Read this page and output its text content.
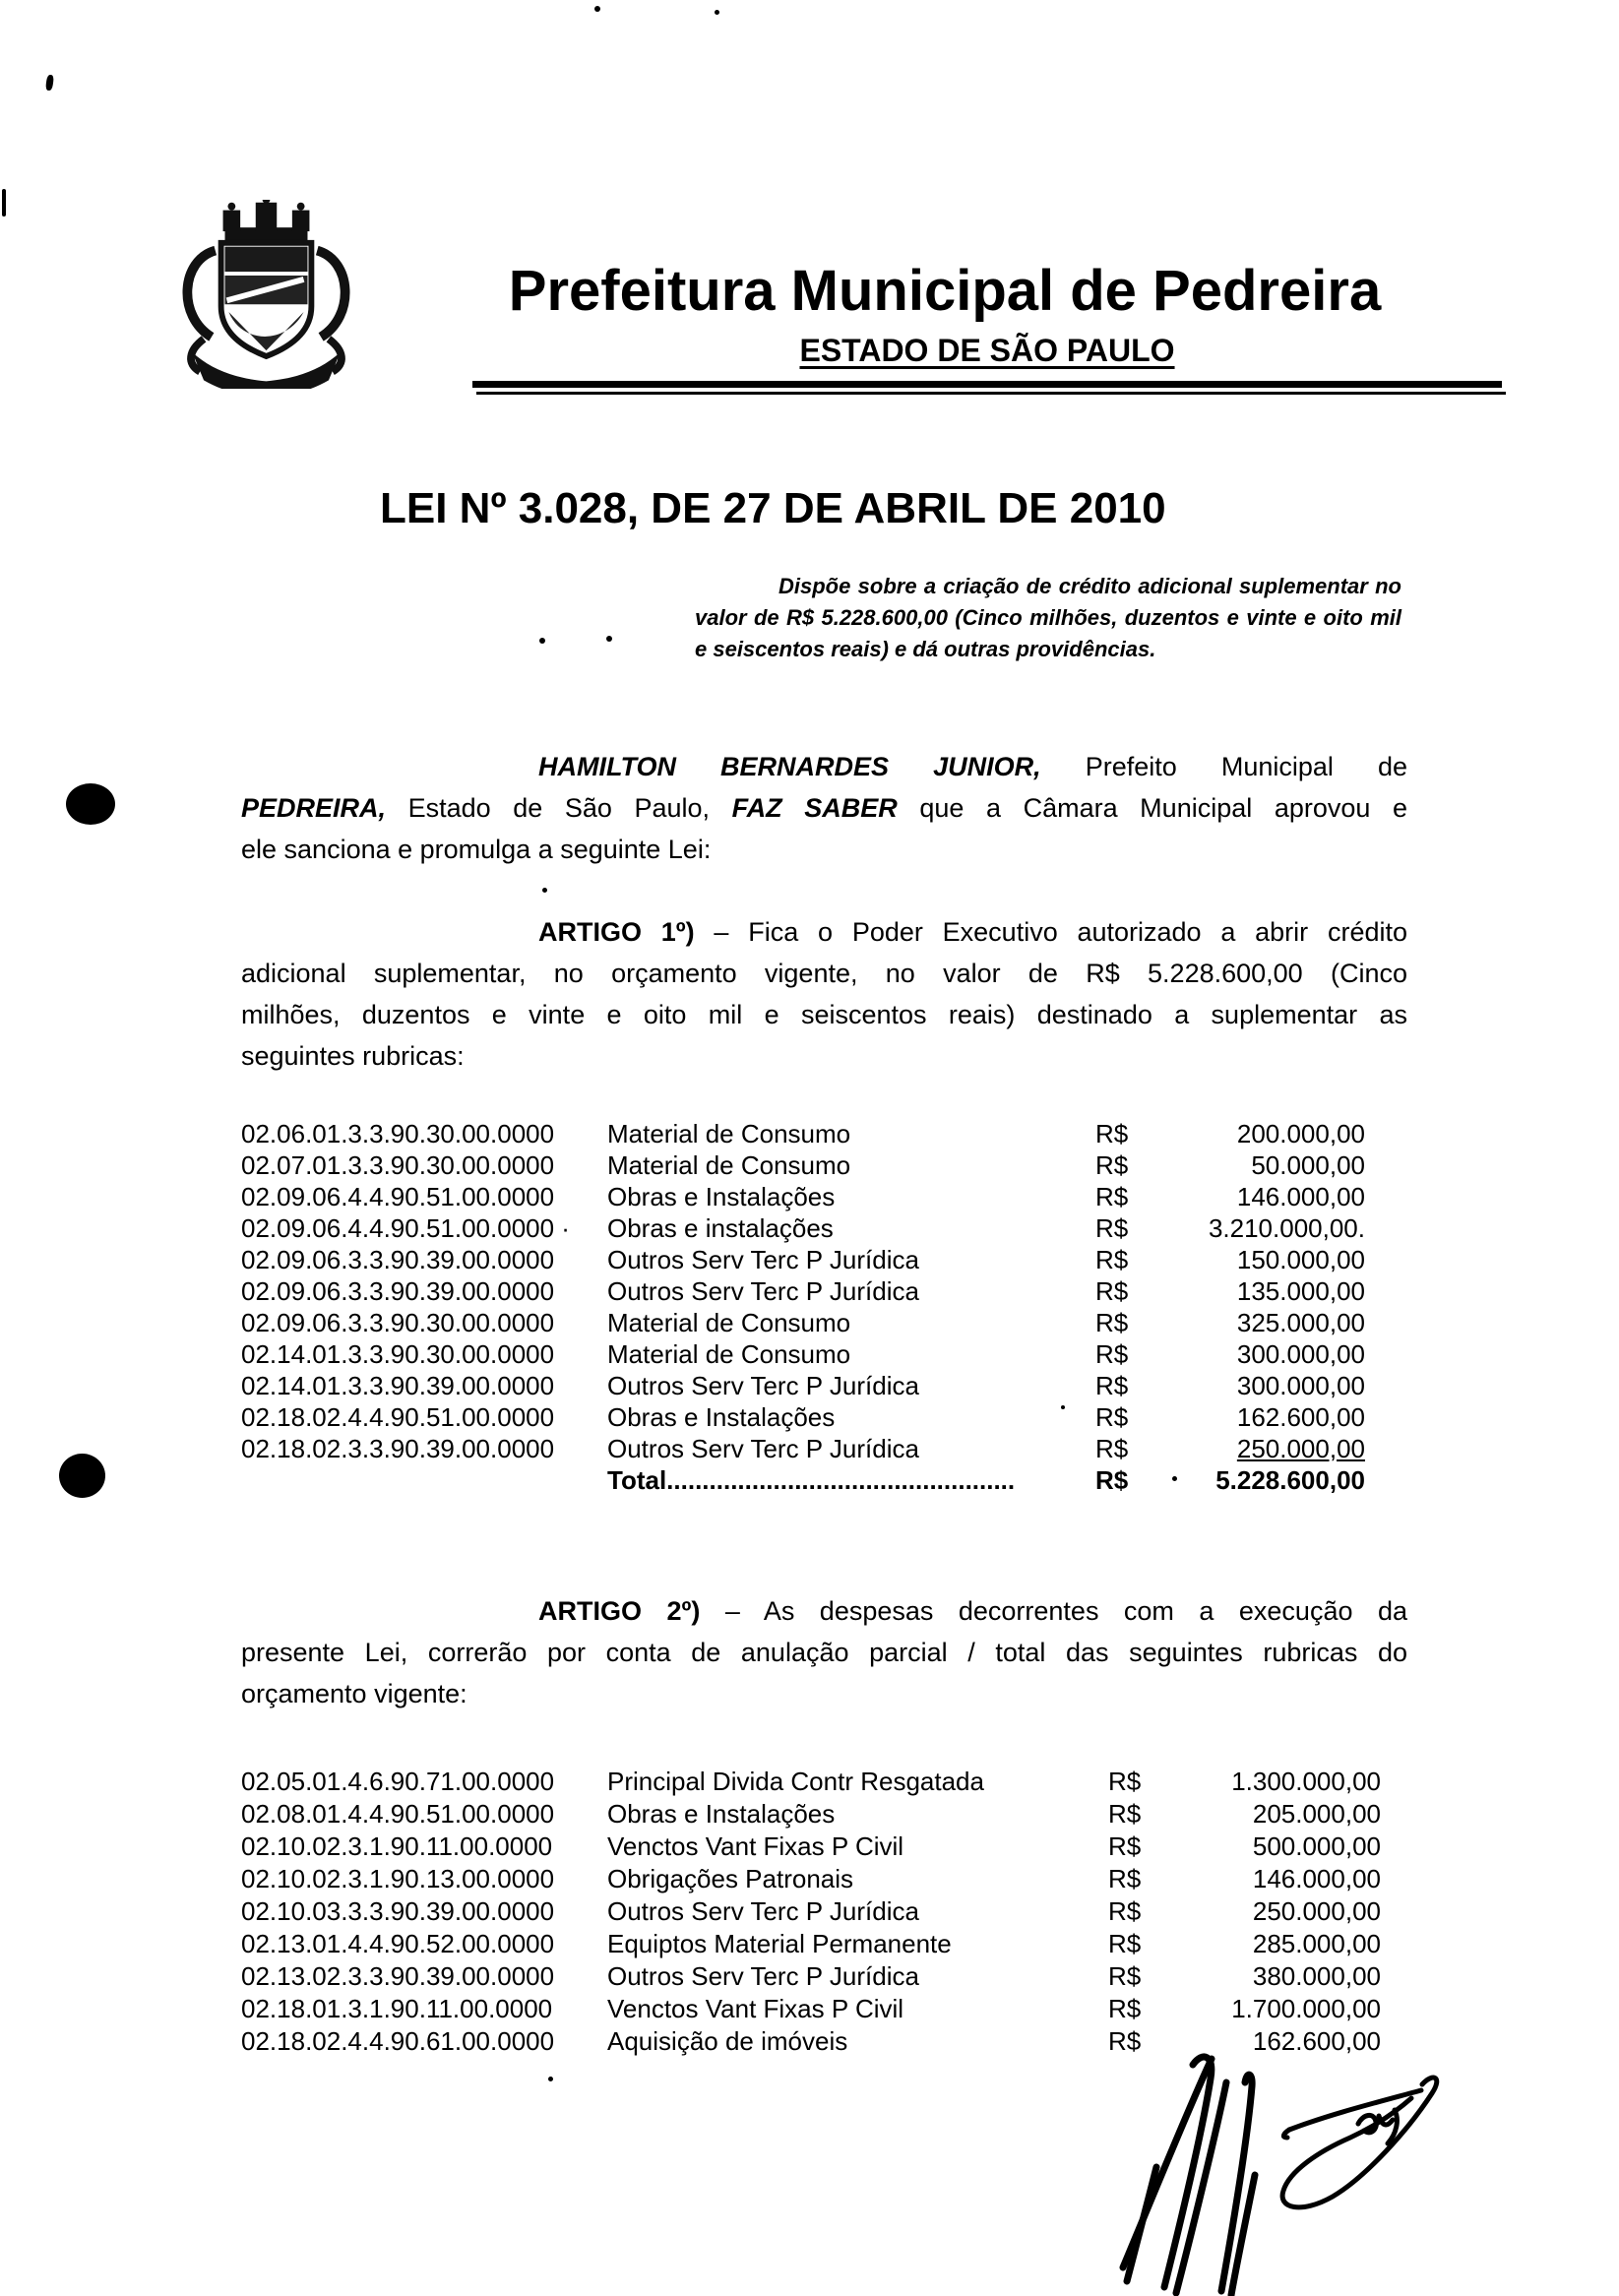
Prefeitura Municipal de Pedreira
ESTADO DE SÃO PAULO
LEI Nº 3.028, DE 27 DE ABRIL DE 2010
Dispõe sobre a criação de crédito adicional suplementar no
valor de R$ 5.228.600,00 (Cinco milhões, duzentos e vinte e oito mil
e seiscentos reais) e dá outras providências.
HAMILTON BERNARDES JUNIOR, Prefeito Municipal de
PEDREIRA, Estado de São Paulo, FAZ SABER que a Câmara Municipal aprovou e
ele sanciona e promulga a seguinte Lei:
ARTIGO 1º) – Fica o Poder Executivo autorizado a abrir crédito
adicional suplementar, no orçamento vigente, no valor de R$ 5.228.600,00 (Cinco
milhões, duzentos e vinte e oito mil e seiscentos reais) destinado a suplementar as
seguintes rubricas:
02.06.01.3.3.90.30.00.0000	Material de Consumo	R$	200.000,00
02.07.01.3.3.90.30.00.0000	Material de Consumo	R$	50.000,00
02.09.06.4.4.90.51.00.0000	Obras e Instalações	R$	146.000,00
02.09.06.4.4.90.51.00.0000 ·	Obras e instalações	R$	3.210.000,00.
02.09.06.3.3.90.39.00.0000	Outros Serv Terc P Jurídica	R$	150.000,00
02.09.06.3.3.90.39.00.0000	Outros Serv Terc P Jurídica	R$	135.000,00
02.09.06.3.3.90.30.00.0000	Material de Consumo	R$	325.000,00
02.14.01.3.3.90.30.00.0000	Material de Consumo	R$	300.000,00
02.14.01.3.3.90.39.00.0000	Outros Serv Terc P Jurídica	R$	300.000,00
02.18.02.4.4.90.51.00.0000	Obras e Instalações	R$	162.600,00
02.18.02.3.3.90.39.00.0000	Outros Serv Terc P Jurídica	R$	250.000,00
Total.................................................	R$	5.228.600,00
ARTIGO 2º) – As despesas decorrentes com a execução da
presente Lei, correrão por conta de anulação parcial / total das seguintes rubricas do
orçamento vigente:
02.05.01.4.6.90.71.00.0000	Principal Divida Contr Resgatada	R$	1.300.000,00
02.08.01.4.4.90.51.00.0000	Obras e Instalações	R$	205.000,00
02.10.02.3.1.90.11.00.0000	Venctos Vant Fixas P Civil	R$	500.000,00
02.10.02.3.1.90.13.00.0000	Obrigações Patronais	R$	146.000,00
02.10.03.3.3.90.39.00.0000	Outros Serv Terc P Jurídica	R$	250.000,00
02.13.01.4.4.90.52.00.0000	Equiptos Material Permanente	R$	285.000,00
02.13.02.3.3.90.39.00.0000	Outros Serv Terc P Jurídica	R$	380.000,00
02.18.01.3.1.90.11.00.0000	Venctos Vant Fixas P Civil	R$	1.700.000,00
02.18.02.4.4.90.61.00.0000	Aquisição de imóveis	R$	162.600,00
